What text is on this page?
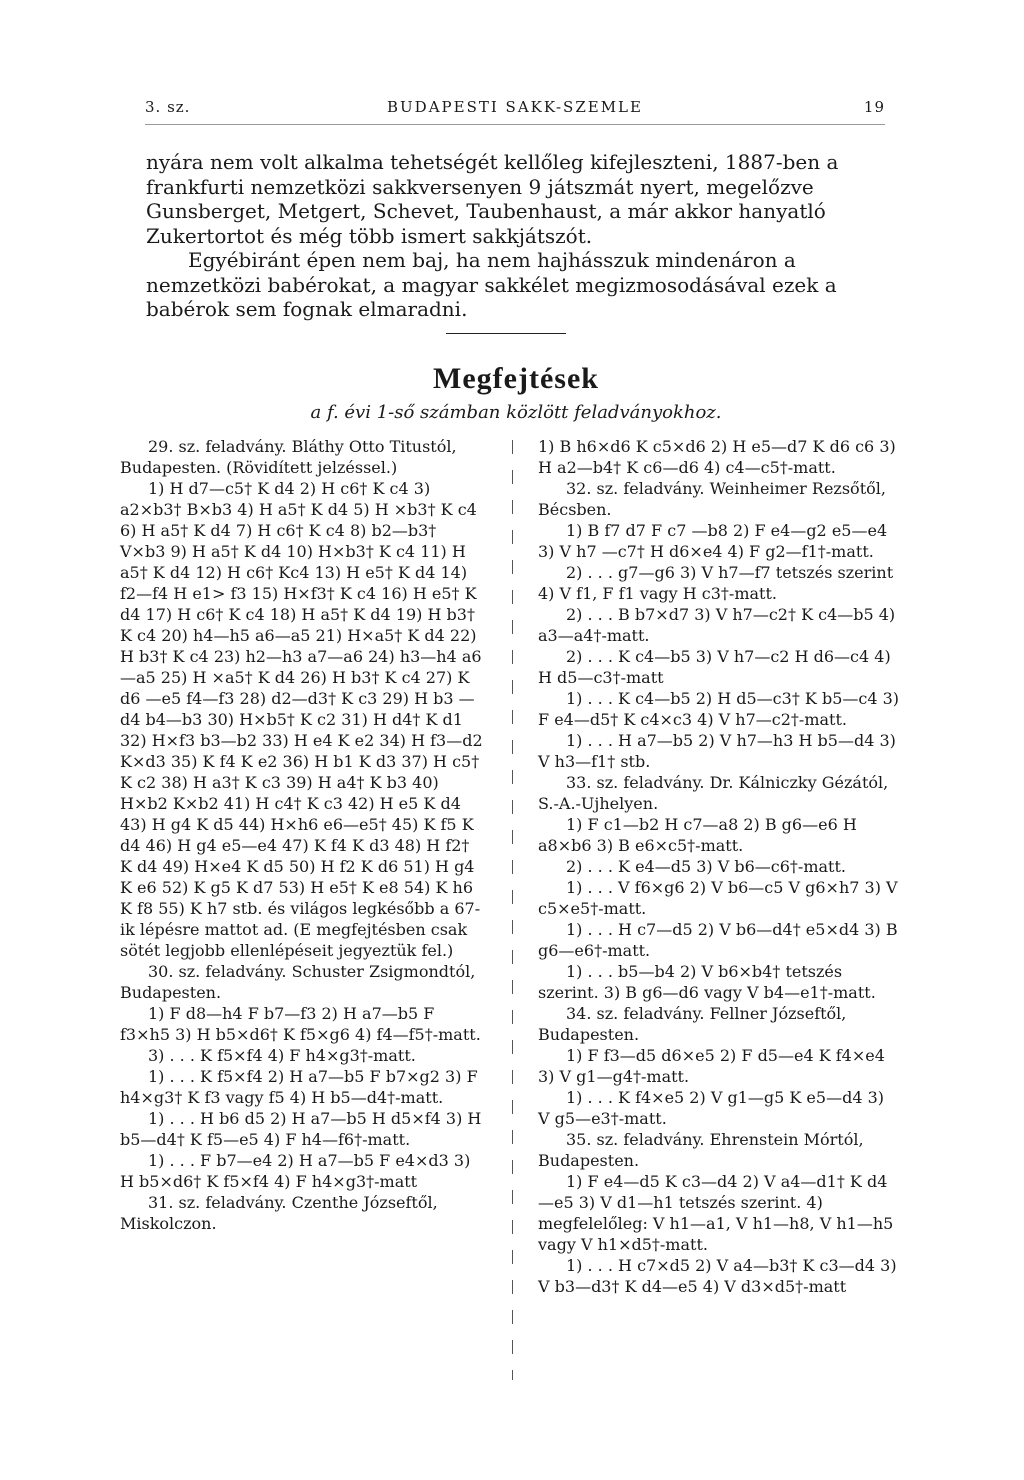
3. sz.	BUDAPESTI SAKK-SZEMLE	19

nyára nem volt alkalma tehetségét kellőleg kifejleszteni, 1887-ben a frankfurti nemzetközi sakkversenyen 9 játszmát nyert, megelőzve Gunsberget, Metgert, Schevet, Taubenhaust, a már akkor hanyatló Zukertortot és még több ismert sakkjátszót.

Egyébiránt épen nem baj, ha nem hajhásszuk mindenáron a nemzetközi babérokat, a magyar sakkélet megizmosodásával ezek a babérok sem fognak elmaradni.

Megfejtések
a f. évi 1-ső számban közlött feladványokhoz.

29. sz. feladvány. Bláthy Otto Titustól, Budapesten. (Rövidített jelzéssel.)

1) H d7—c5† K d4 2) H c6† K c4 3) a2×b3† B×b3 4) H a5† K d4 5) H ×b3† K c4 6) H a5† K d4 7) H c6† K c4 8) b2—b3† V×b3 9) H a5† K d4 10) H×b3† K c4 11) H a5† K d4 12) H c6† Kc4 13) H e5† K d4 14) f2—f4 H e1> f3 15) H×f3† K c4 16) H e5† K d4 17) H c6† K c4 18) H a5† K d4 19) H b3† K c4 20) h4—h5 a6—a5 21) H×a5† K d4 22) H b3† K c4 23) h2—h3 a7—a6 24) h3—h4 a6—a5 25) H ×a5† K d4 26) H b3† K c4 27) K d6 —e5 f4—f3 28) d2—d3† K c3 29) H b3 —d4 b4—b3 30) H×b5† K c2 31) H d4† K d1 32) H×f3 b3—b2 33) H e4 K e2 34) H f3—d2 K×d3 35) K f4 K e2 36) H b1 K d3 37) H c5† K c2 38) H a3† K c3 39) H a4† K b3 40) H×b2 K×b2 41) H c4† K c3 42) H e5 K d4 43) H g4 K d5 44) H×h6 e6—e5† 45) K f5 K d4 46) H g4 e5—e4 47) K f4 K d3 48) H f2† K d4 49) H×e4 K d5 50) H f2 K d6 51) H g4 K e6 52) K g5 K d7 53) H e5† K e8 54) K h6 K f8 55) K h7 stb. és világos legkésőbb a 67-ik lépésre mattot ad. (E megfejtésben csak sötét legjobb ellenlépéseit jegyeztük fel.)

30. sz. feladvány. Schuster Zsigmondtól, Budapesten.

1) F d8—h4 F b7—f3 2) H a7—b5 F f3×h5 3) H b5×d6† K f5×g6 4) f4—f5†-matt.

3) . . . K f5×f4 4) F h4×g3†-matt.

1) . . . K f5×f4 2) H a7—b5 F b7×g2 3) F h4×g3† K f3 vagy f5 4) H b5—d4†-matt.

1) . . . H b6 d5 2) H a7—b5 H d5×f4 3) H b5—d4† K f5—e5 4) F h4—f6†-matt.

1) . . . F b7—e4 2) H a7—b5 F e4×d3 3) H b5×d6† K f5×f4 4) F h4×g3†-matt

31. sz. feladvány. Czenthe Józseftől, Miskolczon.

1) B h6×d6 K c5×d6 2) H e5—d7 K d6 c6 3) H a2—b4† K c6—d6 4) c4—c5†-matt.

32. sz. feladvány. Weinheimer Rezsőtől, Bécsben.

1) B f7 d7 F c7 —b8 2) F e4—g2 e5—e4 3) V h7 —c7† H d6×e4 4) F g2—f1†-matt.

2) . . . g7—g6 3) V h7—f7 tetszés szerint 4) V f1, F f1 vagy H c3†-matt.

2) . . . B b7×d7 3) V h7—c2† K c4—b5 4) a3—a4†-matt.

2) . . . K c4—b5 3) V h7—c2 H d6—c4 4) H d5—c3†-matt

1) . . . K c4—b5 2) H d5—c3† K b5—c4 3) F e4—d5† K c4×c3 4) V h7—c2†-matt.

1) . . . H a7—b5 2) V h7—h3 H b5—d4 3) V h3—f1† stb.

33. sz. feladvány. Dr. Kálniczky Gézától, S.-A.-Ujhelyen.

1) F c1—b2 H c7—a8 2) B g6—e6 H a8×b6 3) B e6×c5†-matt.

2) . . . K e4—d5 3) V b6—c6†-matt.

1) . . . V f6×g6 2) V b6—c5 V g6×h7 3) V c5×e5†-matt.

1) . . . H c7—d5 2) V b6—d4† e5×d4 3) B g6—e6†-matt.

1) . . . b5—b4 2) V b6×b4† tetszés szerint. 3) B g6—d6 vagy V b4—e1†-matt.

34. sz. feladvány. Fellner Józseftől, Budapesten.

1) F f3—d5 d6×e5 2) F d5—e4 K f4×e4 3) V g1—g4†-matt.

1) . . . K f4×e5 2) V g1—g5 K e5—d4 3) V g5—e3†-matt.

35. sz. feladvány. Ehrenstein Mórtól, Budapesten.

1) F e4—d5 K c3—d4 2) V a4—d1† K d4—e5 3) V d1—h1 tetszés szerint. 4) megfelelőleg: V h1—a1, V h1—h8, V h1—h5 vagy V h1×d5†-matt.

1) . . . H c7×d5 2) V a4—b3† K c3—d4 3) V b3—d3† K d4—e5 4) V d3×d5†-matt
